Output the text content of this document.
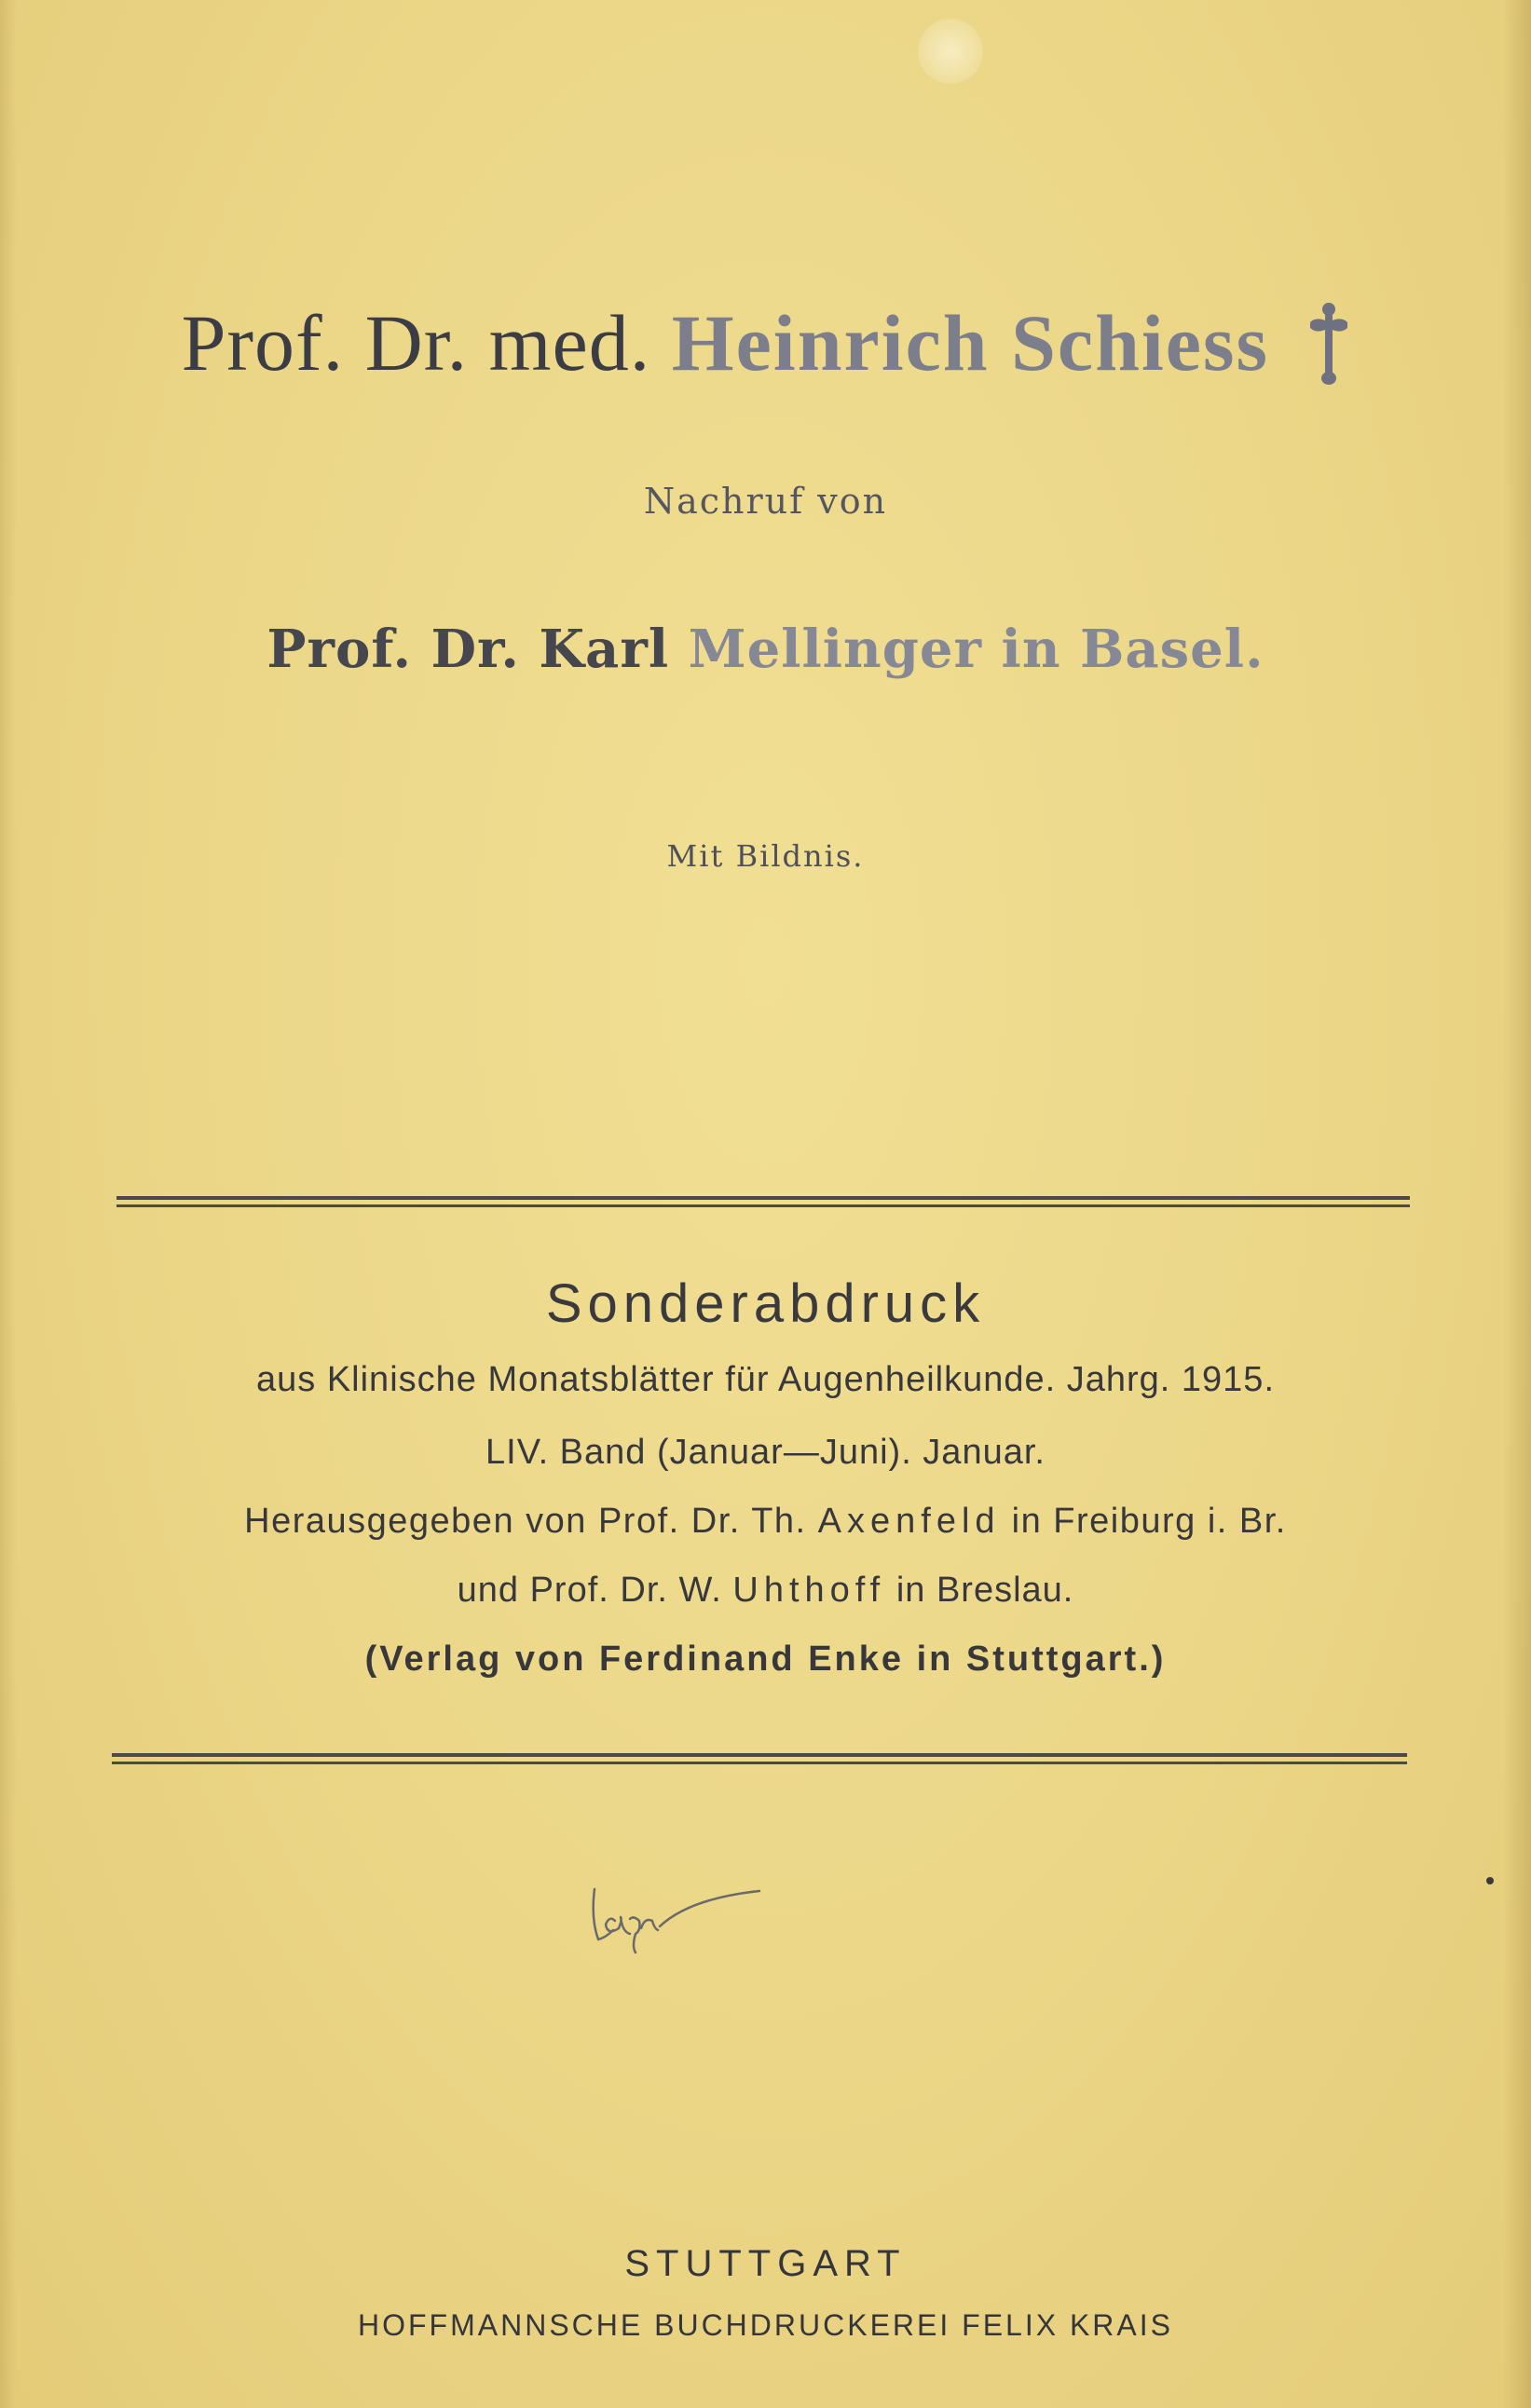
Prof. Dr. med. Heinrich Schiess
Nachruf von
Prof. Dr. Karl Mellinger in Basel.
Mit Bildnis.
Sonderabdruck
aus Klinische Monatsblätter für Augenheilkunde. Jahrg. 1915.
LIV. Band (Januar—Juni). Januar.
Herausgegeben von Prof. Dr. Th. Axenfeld in Freiburg i. Br.
und Prof. Dr. W. Uhthoff in Breslau.
(Verlag von Ferdinand Enke in Stuttgart.)
STUTTGART
HOFFMANNSCHE BUCHDRUCKEREI FELIX KRAIS
